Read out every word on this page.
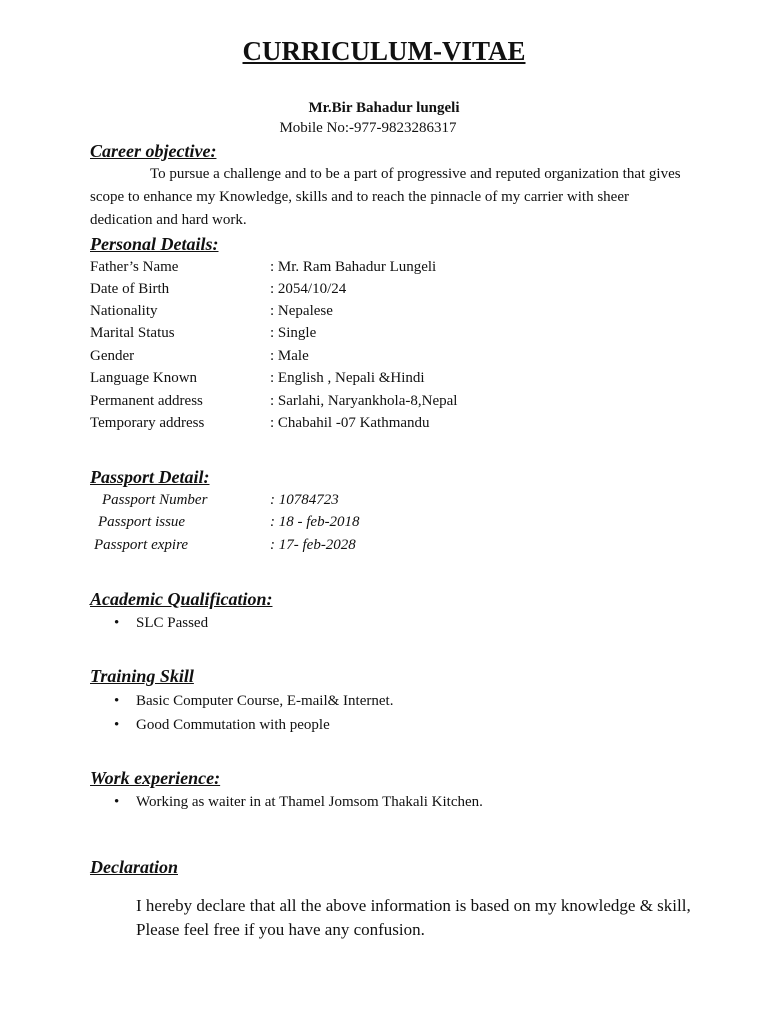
CURRICULUM-VITAE
Mr.Bir Bahadur lungeli
Mobile No:-977-9823286317
Career objective:
To pursue a challenge and to be a part of progressive and reputed organization that gives scope to enhance my Knowledge, skills and to reach the pinnacle of my carrier with sheer dedication and hard work.
Personal Details:
Father’s Name	: Mr. Ram Bahadur Lungeli
Date of Birth	: 2054/10/24
Nationality	: Nepalese
Marital Status	: Single
Gender	: Male
Language Known	: English , Nepali &Hindi
Permanent address	: Sarlahi, Naryankhola-8,Nepal
Temporary address	: Chabahil -07 Kathmandu
Passport Detail:
Passport Number	: 10784723
Passport issue	: 18 - feb-2018
Passport expire	: 17- feb-2028
Academic Qualification:
• SLC Passed
Training Skill
• Basic Computer Course, E-mail& Internet.
• Good Commutation with people
Work experience:
• Working as waiter in at Thamel Jomsom Thakali Kitchen.
Declaration
I hereby declare that all the above information is based on my knowledge & skill, Please feel free if you have any confusion.
